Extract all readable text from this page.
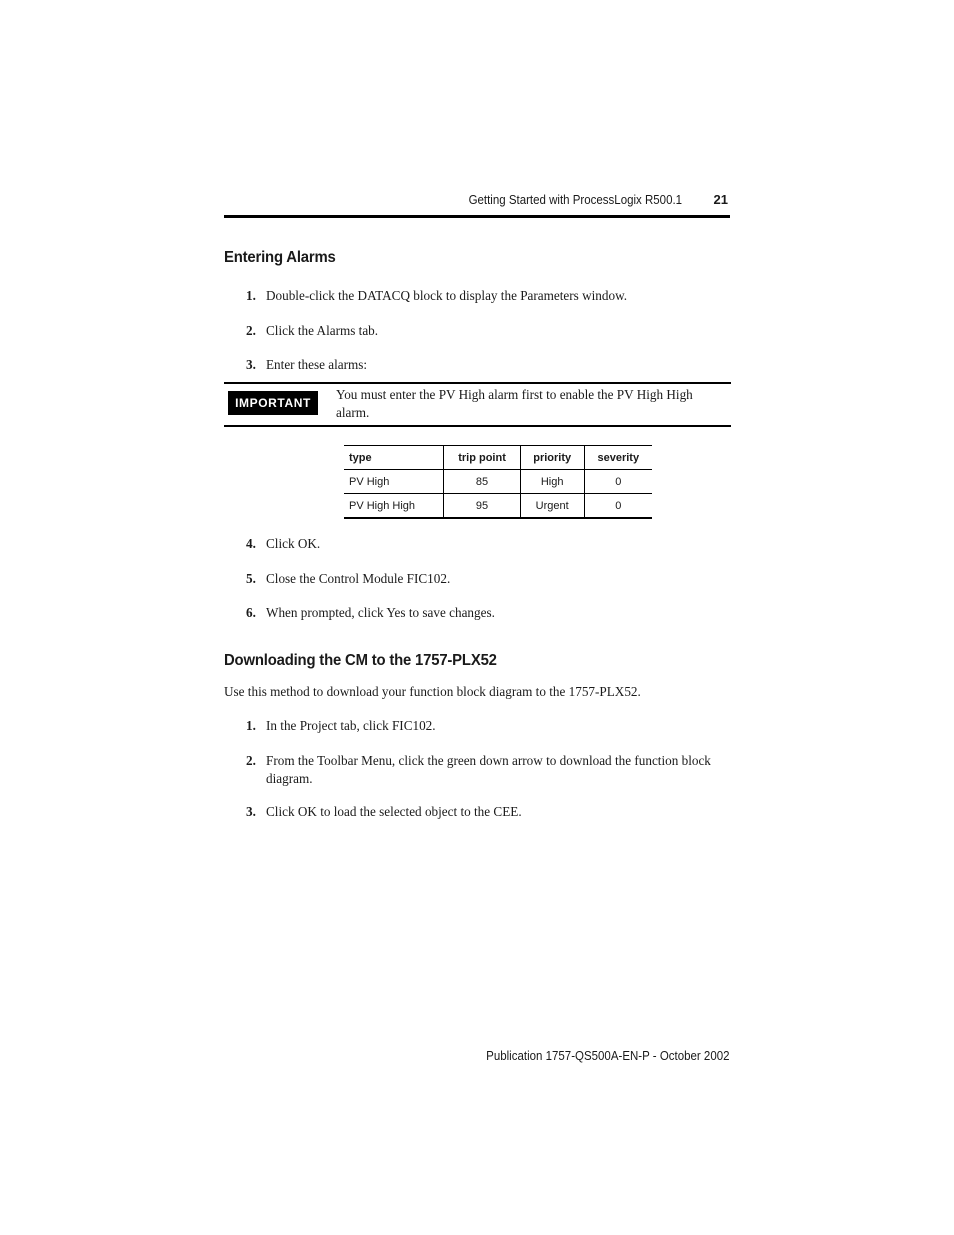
Getting Started with ProcessLogix R500.1 21
Entering Alarms
1. Double-click the DATACQ block to display the Parameters window.
2. Click the Alarms tab.
3. Enter these alarms:
IMPORTANT
You must enter the PV High alarm first to enable the PV High High alarm.
type	trip point	priority	severity
PV High	85	High	0
PV High High	95	Urgent	0
4. Click OK.
5. Close the Control Module FIC102.
6. When prompted, click Yes to save changes.
Downloading the CM to the 1757-PLX52
Use this method to download your function block diagram to the 1757-PLX52.
1. In the Project tab, click FIC102.
2. From the Toolbar Menu, click the green down arrow to download the function block diagram.
3. Click OK to load the selected object to the CEE.
Publication 1757-QS500A-EN-P - October 2002
